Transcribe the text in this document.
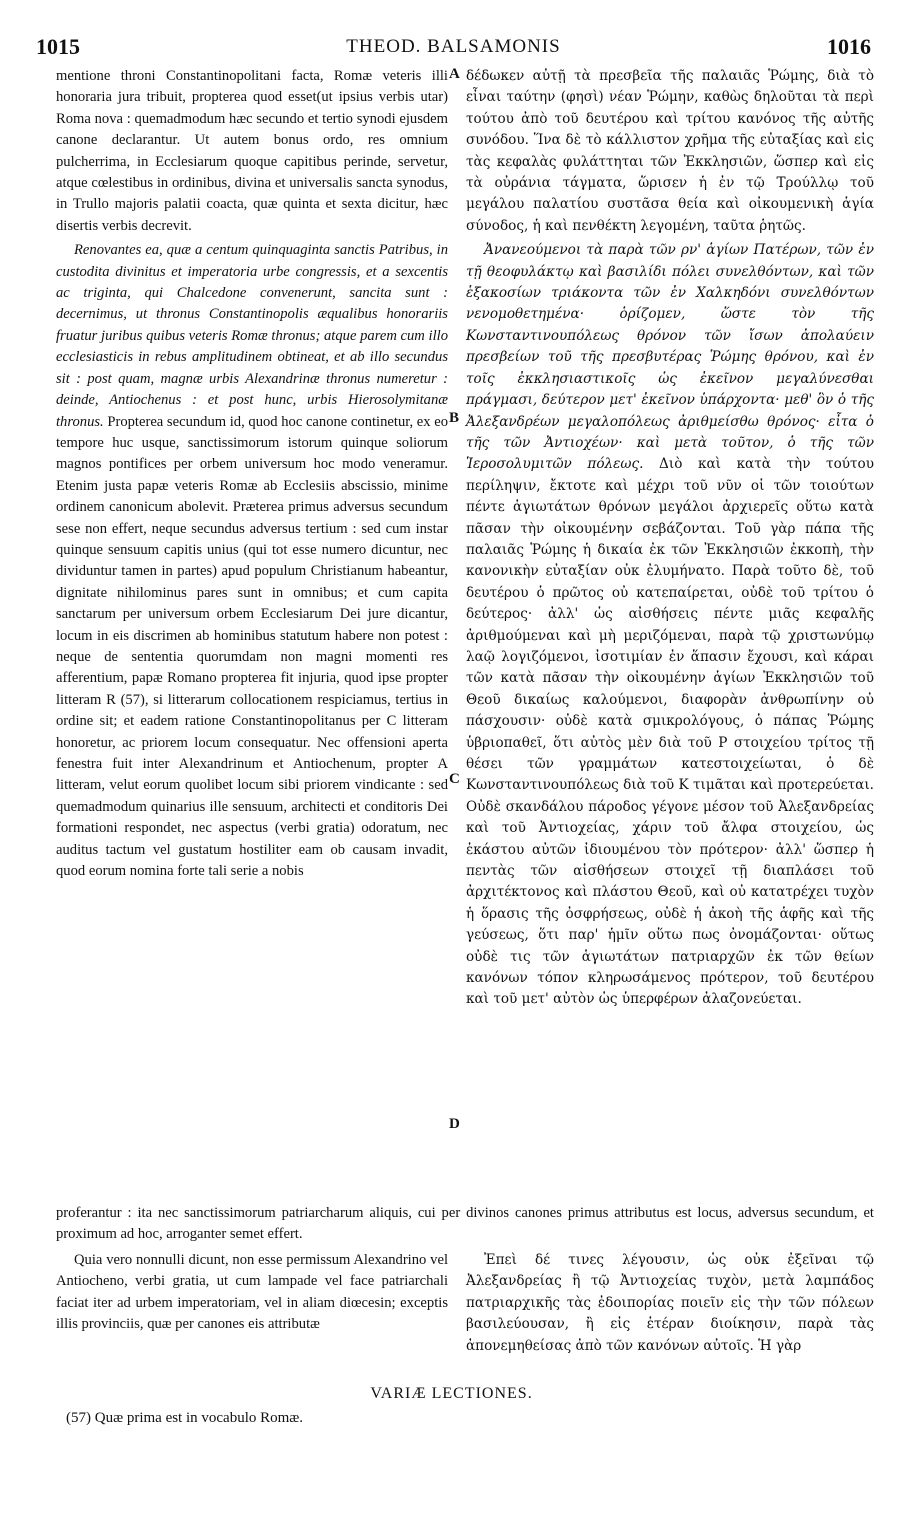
1015	THEOD. BALSAMONIS	1016

mentione throni Constantinopolitani facta, Romæ veteris illi honoraria jura tribuit, propterea quod esset(ut ipsius verbis utar) Roma nova : quemadmodum hæc secundo et tertio synodi ejusdem canone declarantur. Ut autem bonus ordo, res omnium pulcherrima, in Ecclesiarum quoque capitibus perinde, servetur, atque cœlestibus in ordinibus, divina et universalis sancta synodus, in Trullo majoris palatii coacta, quæ quinta et sexta dicitur, hæc disertis verbis decrevit.

Renovantes ea, quæ a centum quinquaginta sanctis Patribus, in custodita divinitus et imperatoria urbe congressis, et a sexcentis ac triginta, qui Chalcedone convenerunt, sancita sunt : decernimus, ut thronus Constantinopolis æqualibus honorariis fruatur juribus quibus veteris Romæ thronus; atque parem cum illo ecclesiasticis in rebus amplitudinem obtineat, et ab illo secundus sit : post quam, magnæ urbis Alexandrinæ thronus numeretur : deinde, Antiochenus : et post hunc, urbis Hierosolymitanæ thronus. Propterea secundum id, quod hoc canone continetur, ex eo tempore huc usque, sanctissimorum istorum quinque soliorum magnos pontifices per orbem universum hoc modo veneramur. Etenim justa papæ veteris Romæ ab Ecclesiis abscissio, minime ordinem canonicum abolevit. Præterea primus adversus secundum sese non effert, neque secundus adversus tertium : sed cum instar quinque sensuum capitis unius (qui tot esse numero dicuntur, nec dividuntur tamen in partes) apud populum Christianum habeantur, dignitate nihilominus pares sunt in omnibus; et cum capita sanctarum per universum orbem Ecclesiarum Dei jure dicantur, locum in eis discrimen ab hominibus statutum habere non potest : neque de sententia quorumdam non magni momenti res afferentium, papæ Romano propterea fit injuria, quod ipse propter litteram R (57), si litterarum collocationem respiciamus, tertius in ordine sit; et eadem ratione Constantinopolitanus per C litteram honoretur, ac priorem locum consequatur. Nec offensioni aperta fenestra fuit inter Alexandrinum et Antiochenum, propter A litteram, velut eorum quolibet locum sibi priorem vindicante : sed quemadmodum quinarius ille sensuum, architecti et conditoris Dei formationi respondet, nec aspectus (verbi gratia) odoratum, nec auditus tactum vel gustatum hostiliter eam ob causam invadit, quod eorum nomina forte tali serie a nobis

δέδωκεν αὐτῇ τὰ πρεσβεῖα τῆς παλαιᾶς Ῥώμης, διὰ τὸ εἶναι ταύτην (φησὶ) νέαν Ῥώμην, καθὼς δηλοῦται τὰ περὶ τούτου ἀπὸ τοῦ δευτέρου καὶ τρίτου κανόνος τῆς αὐτῆς συνόδου. Ἵνα δὲ τὸ κάλλιστον χρῆμα τῆς εὐταξίας καὶ εἰς τὰς κεφαλὰς φυλάττηται τῶν Ἐκκλησιῶν, ὥσπερ καὶ εἰς τὰ οὐράνια τάγματα, ὥρισεν ἡ ἐν τῷ Τρούλλῳ τοῦ μεγάλου παλατίου συστᾶσα θεία καὶ οἰκουμενικὴ ἁγία σύνοδος, ἡ καὶ πενθέκτη λεγομένη, ταῦτα ῥητῶς.

Ἀνανεούμενοι τὰ παρὰ τῶν ρν' ἁγίων Πατέρων, τῶν ἐν τῇ θεοφυλάκτῳ καὶ βασιλίδι πόλει συνελθόντων, καὶ τῶν ἑξακοσίων τριάκοντα τῶν ἐν Χαλκηδόνι συνελθόντων νενομοθετημένα· ὁρίζομεν, ὥστε τὸν τῆς Κωνσταντινουπόλεως θρόνον τῶν ἴσων ἀπολαύειν πρεσβείων τοῦ τῆς πρεσβυτέρας Ῥώμης θρόνου, καὶ ἐν τοῖς ἐκκλησιαστικοῖς ὡς ἐκεῖνον μεγαλύνεσθαι πράγμασι, δεύτερον μετ' ἐκεῖνον ὑπάρχοντα· μεθ' ὃν ὁ τῆς Ἀλεξανδρέων μεγαλοπόλεως ἀριθμείσθω θρόνος· εἶτα ὁ τῆς τῶν Ἀντιοχέων· καὶ μετὰ τοῦτον, ὁ τῆς τῶν Ἱεροσολυμιτῶν πόλεως. Διὸ καὶ κατὰ τὴν τούτου περίληψιν, ἔκτοτε καὶ μέχρι τοῦ νῦν οἱ τῶν τοιούτων πέντε ἁγιωτάτων θρόνων μεγάλοι ἀρχιερεῖς οὕτω κατὰ πᾶσαν τὴν οἰκουμένην σεβάζονται. Τοῦ γὰρ πάπα τῆς παλαιᾶς Ῥώμης ἡ δικαία ἐκ τῶν Ἐκκλησιῶν ἐκκοπὴ, τὴν κανονικὴν εὐταξίαν οὐκ ἐλυμήνατο. Παρὰ τοῦτο δὲ, τοῦ δευτέρου ὁ πρῶτος οὐ κατεπαίρεται, οὐδὲ τοῦ τρίτου ὁ δεύτερος· ἀλλ' ὡς αἰσθήσεις πέντε μιᾶς κεφαλῆς ἀριθμούμεναι καὶ μὴ μεριζόμεναι, παρὰ τῷ χριστωνύμῳ λαῷ λογιζόμενοι, ἰσοτιμίαν ἐν ἅπασιν ἔχουσι, καὶ κάραι τῶν κατὰ πᾶσαν τὴν οἰκουμένην ἁγίων Ἐκκλησιῶν τοῦ Θεοῦ δικαίως καλούμενοι, διαφορὰν ἀνθρωπίνην οὐ πάσχουσιν· οὐδὲ κατὰ σμικρολόγους, ὁ πάπας Ῥώμης ὑβριοπαθεῖ, ὅτι αὐτὸς μὲν διὰ τοῦ Ρ στοιχείου τρίτος τῇ θέσει τῶν γραμμάτων κατεστοιχείωται, ὁ δὲ Κωνσταντινουπόλεως διὰ τοῦ Κ τιμᾶται καὶ προτερεύεται. Οὐδὲ σκανδάλου πάροδος γέγονε μέσον τοῦ Ἀλεξανδρείας καὶ τοῦ Ἀντιοχείας, χάριν τοῦ ἄλφα στοιχείου, ὡς ἑκάστου αὐτῶν ἰδιουμένου τὸν πρότερον· ἀλλ' ὥσπερ ἡ πεντὰς τῶν αἰσθήσεων στοιχεῖ τῇ διαπλάσει τοῦ ἀρχιτέκτονος καὶ πλάστου Θεοῦ, καὶ οὐ κατατρέχει τυχὸν ἡ ὅρασις τῆς ὀσφρήσεως, οὐδὲ ἡ ἀκοὴ τῆς ἁφῆς καὶ τῆς γεύσεως, ὅτι παρ' ἡμῖν οὕτω πως ὀνομάζονται· οὕτως οὐδὲ τις τῶν ἁγιωτάτων πατριαρχῶν ἐκ τῶν θείων κανόνων τόπον κληρωσάμενος πρότερον, τοῦ δευτέρου καὶ τοῦ μετ' αὐτὸν ὡς ὑπερφέρων ἀλαζονεύεται.

A
B
C
D
proferantur : ita nec sanctissimorum patriarcharum aliquis, cui per divinos canones primus attributus est locus, adversus secundum, et proximum ad hoc, arroganter semet effert.

Quia vero nonnulli dicunt, non esse permissum Alexandrino vel Antiocheno, verbi gratia, ut cum lampade vel face patriarchali faciat iter ad urbem imperatoriam, vel in aliam diœcesin; exceptis illis provinciis, quæ per canones eis attributæ

Ἐπεὶ δέ τινες λέγουσιν, ὡς οὐκ ἐξεῖναι τῷ Ἀλεξανδρείας ἢ τῷ Ἀντιοχείας τυχὸν, μετὰ λαμπάδος πατριαρχικῆς τὰς ἐδοιπορίας ποιεῖν εἰς τὴν τῶν πόλεων βασιλεύουσαν, ἢ εἰς ἑτέραν διοίκησιν, παρὰ τὰς ἀπονεμηθείσας ἀπὸ τῶν κανόνων αὐτοῖς. Ἡ γὰρ

VARIÆ LECTIONES.
(57) Quæ prima est in vocabulo Romæ.
